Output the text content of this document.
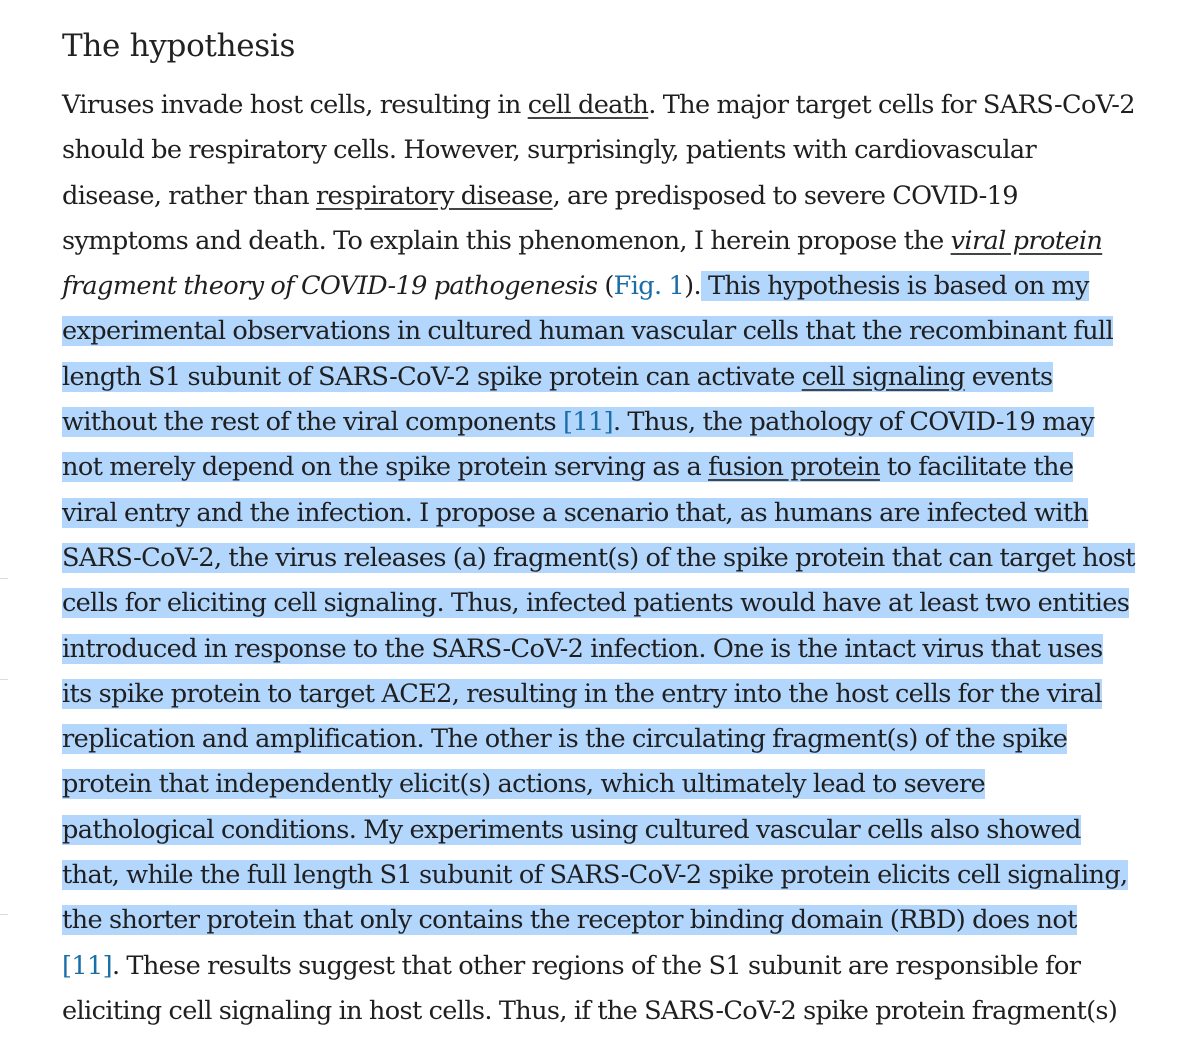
The hypothesis

Viruses invade host cells, resulting in cell death. The major target cells for SARS-CoV-2
should be respiratory cells. However, surprisingly, patients with cardiovascular
disease, rather than respiratory disease, are predisposed to severe COVID-19
symptoms and death. To explain this phenomenon, I herein propose the viral protein
fragment theory of COVID-19 pathogenesis (Fig. 1). This hypothesis is based on my
experimental observations in cultured human vascular cells that the recombinant full
length S1 subunit of SARS-CoV-2 spike protein can activate cell signaling events
without the rest of the viral components [11]. Thus, the pathology of COVID-19 may
not merely depend on the spike protein serving as a fusion protein to facilitate the
viral entry and the infection. I propose a scenario that, as humans are infected with
SARS-CoV-2, the virus releases (a) fragment(s) of the spike protein that can target host
cells for eliciting cell signaling. Thus, infected patients would have at least two entities
introduced in response to the SARS-CoV-2 infection. One is the intact virus that uses
its spike protein to target ACE2, resulting in the entry into the host cells for the viral
replication and amplification. The other is the circulating fragment(s) of the spike
protein that independently elicit(s) actions, which ultimately lead to severe
pathological conditions. My experiments using cultured vascular cells also showed
that, while the full length S1 subunit of SARS-CoV-2 spike protein elicits cell signaling,
the shorter protein that only contains the receptor binding domain (RBD) does not
[11]. These results suggest that other regions of the S1 subunit are responsible for
eliciting cell signaling in host cells. Thus, if the SARS-CoV-2 spike protein fragment(s)
